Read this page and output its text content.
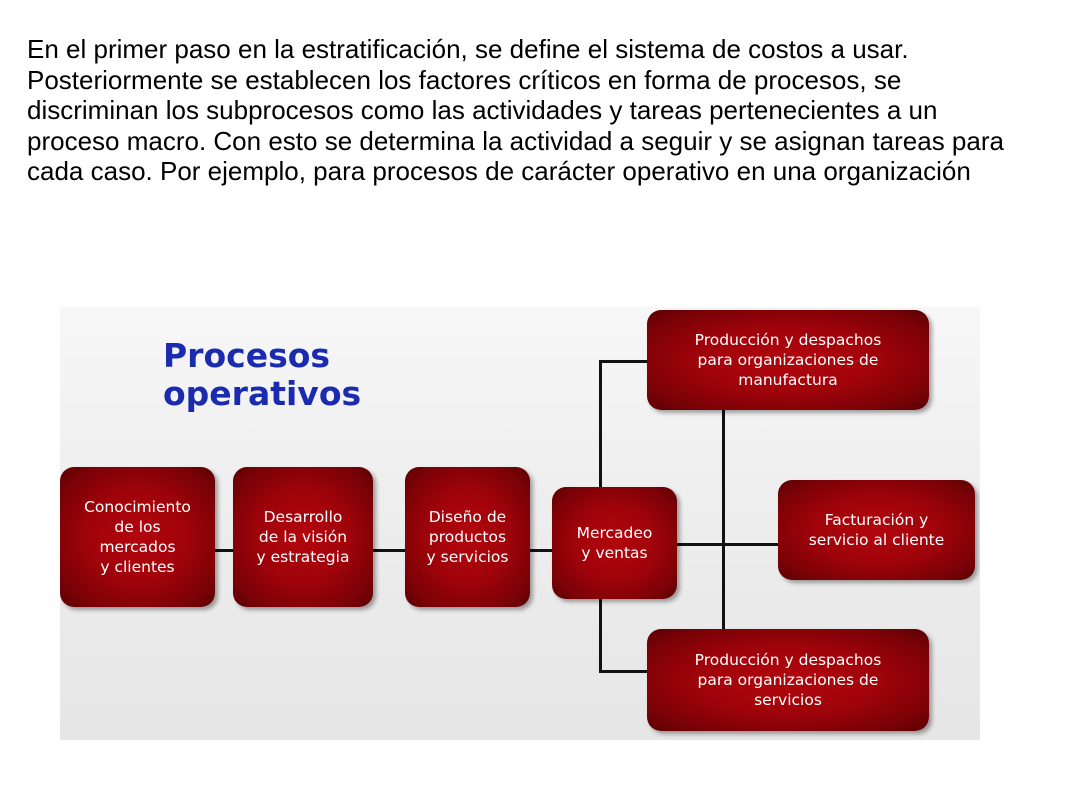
En el primer paso en la estratificación, se define el sistema de costos a usar. Posteriormente se establecen los factores críticos en forma de procesos, se discriminan los subprocesos como las actividades y tareas pertenecientes a un proceso macro. Con esto se determina la actividad a seguir y se asignan tareas para cada caso. Por ejemplo, para procesos de carácter operativo en una organización

Procesos
operativos
Conocimiento
de los
mercados
y clientes
Desarrollo
de la visión
y estrategia
Diseño de
productos
y servicios
Mercadeo
y ventas
Producción y despachos
para organizaciones de
manufactura
Facturación y
servicio al cliente
Producción y despachos
para organizaciones de
servicios
